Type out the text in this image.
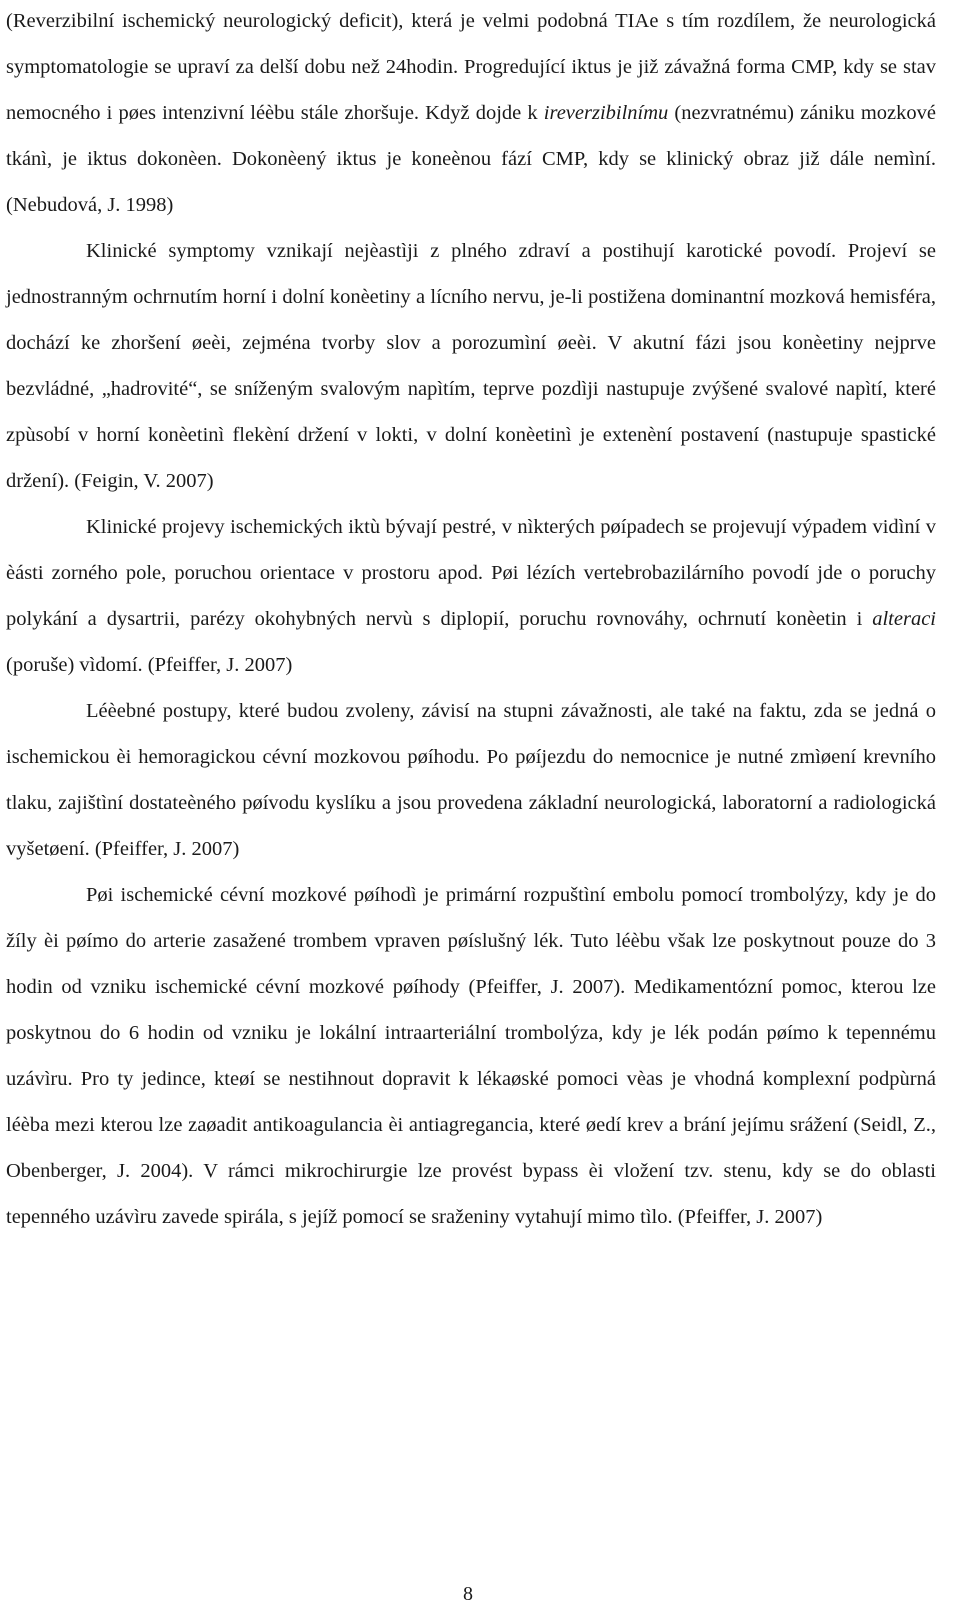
(Reverzibilní ischemický neurologický deficit), která je velmi podobná TIAe s tím rozdílem, že neurologická symptomatologie se upraví za delší dobu než 24hodin. Progredující iktus je již závažná forma CMP, kdy se stav nemocného i pøes intenzivní léèbu stále zhoršuje. Když dojde k ireverzibilnímu (nezvratnému) zániku mozkové tkánì, je iktus dokonèen. Dokonèený iktus je koneènou fází CMP, kdy se klinický obraz již dále nemìní. (Nebudová, J. 1998)

Klinické symptomy vznikají nejèastìji z plného zdraví a postihují karotické povodí. Projeví se jednostranným ochrnutím horní i dolní konèetiny a lícního nervu, je-li postižena dominantní mozková hemisféra, dochází ke zhoršení øeèi, zejména tvorby slov a porozumìní øeèi. V akutní fázi jsou konèetiny nejprve bezvládné, „hadrovité“, se sníženým svalovým napìtím, teprve pozdìji nastupuje zvýšené svalové napìtí, které zpùsobí v horní konèetinì flekèní držení v lokti, v dolní konèetinì je extenèní postavení (nastupuje spastické držení). (Feigin, V. 2007)

Klinické projevy ischemických iktù bývají pestré, v nìkterých pøípadech se projevují výpadem vidìní v èásti zorného pole, poruchou orientace v prostoru apod. Pøi lézích vertebrobazilárního povodí jde o poruchy polykání a dysartrii, parézy okohybných nervù s diplopií, poruchu rovnováhy, ochrnutí konèetin i alteraci (poruše) vìdomí. (Pfeiffer, J. 2007)

Léèebné postupy, které budou zvoleny, závisí na stupni závažnosti, ale také na faktu, zda se jedná o ischemickou èi hemoragickou cévní mozkovou pøíhodu. Po pøíjezdu do nemocnice je nutné zmìøení krevního tlaku, zajištìní dostateèného pøívodu kyslíku a jsou provedena základní neurologická, laboratorní a radiologická vyšetøení. (Pfeiffer, J. 2007)

Pøi ischemické cévní mozkové pøíhodì je primární rozpuštìní embolu pomocí trombolýzy, kdy je do žíly èi pøímo do arterie zasažené trombem vpraven pøíslušný lék. Tuto léèbu však lze poskytnout pouze do 3 hodin od vzniku ischemické cévní mozkové pøíhody (Pfeiffer, J. 2007). Medikamentózní pomoc, kterou lze poskytnou do 6 hodin od vzniku je lokální intraarteriální trombolýza, kdy je lék podán pøímo k tepennému uzávìru. Pro ty jedince, kteøí se nestihnout dopravit k lékaøské pomoci vèas je vhodná komplexní podpùrná léèba mezi kterou lze zaøadit antikoagulancia èi antiagregancia, které øedí krev a brání jejímu srážení (Seidl, Z., Obenberger, J. 2004). V rámci mikrochirurgie lze provést bypass èi vložení tzv. stenu, kdy se do oblasti tepenného uzávìru zavede spirála, s jejíž pomocí se sraženiny vytahují mimo tìlo. (Pfeiffer, J. 2007)

8
